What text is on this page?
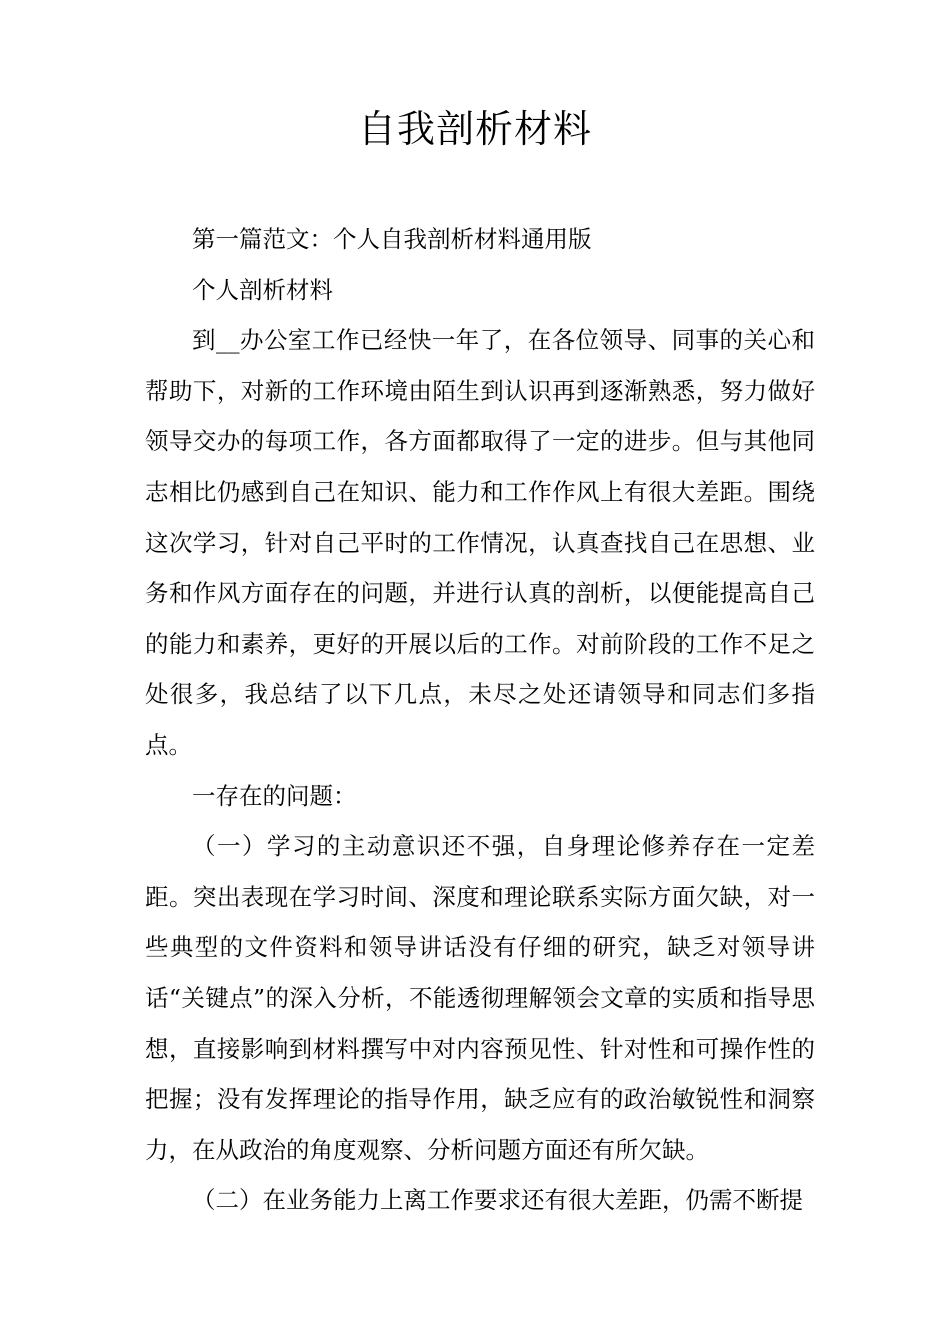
自我剖析材料

第一篇范文：个人自我剖析材料通用版

个人剖析材料

到__办公室工作已经快一年了，在各位领导、同事的关心和帮助下，对新的工作环境由陌生到认识再到逐渐熟悉，努力做好领导交办的每项工作，各方面都取得了一定的进步。但与其他同志相比仍感到自己在知识、能力和工作作风上有很大差距。围绕这次学习，针对自己平时的工作情况，认真查找自己在思想、业务和作风方面存在的问题，并进行认真的剖析，以便能提高自己的能力和素养，更好的开展以后的工作。对前阶段的工作不足之处很多，我总结了以下几点，未尽之处还请领导和同志们多指点。

一存在的问题：

（一）学习的主动意识还不强，自身理论修养存在一定差距。突出表现在学习时间、深度和理论联系实际方面欠缺，对一些典型的文件资料和领导讲话没有仔细的研究，缺乏对领导讲话“关键点”的深入分析，不能透彻理解领会文章的实质和指导思想，直接影响到材料撰写中对内容预见性、针对性和可操作性的把握；没有发挥理论的指导作用，缺乏应有的政治敏锐性和洞察力，在从政治的角度观察、分析问题方面还有所欠缺。

（二）在业务能力上离工作要求还有很大差距，仍需不断提
